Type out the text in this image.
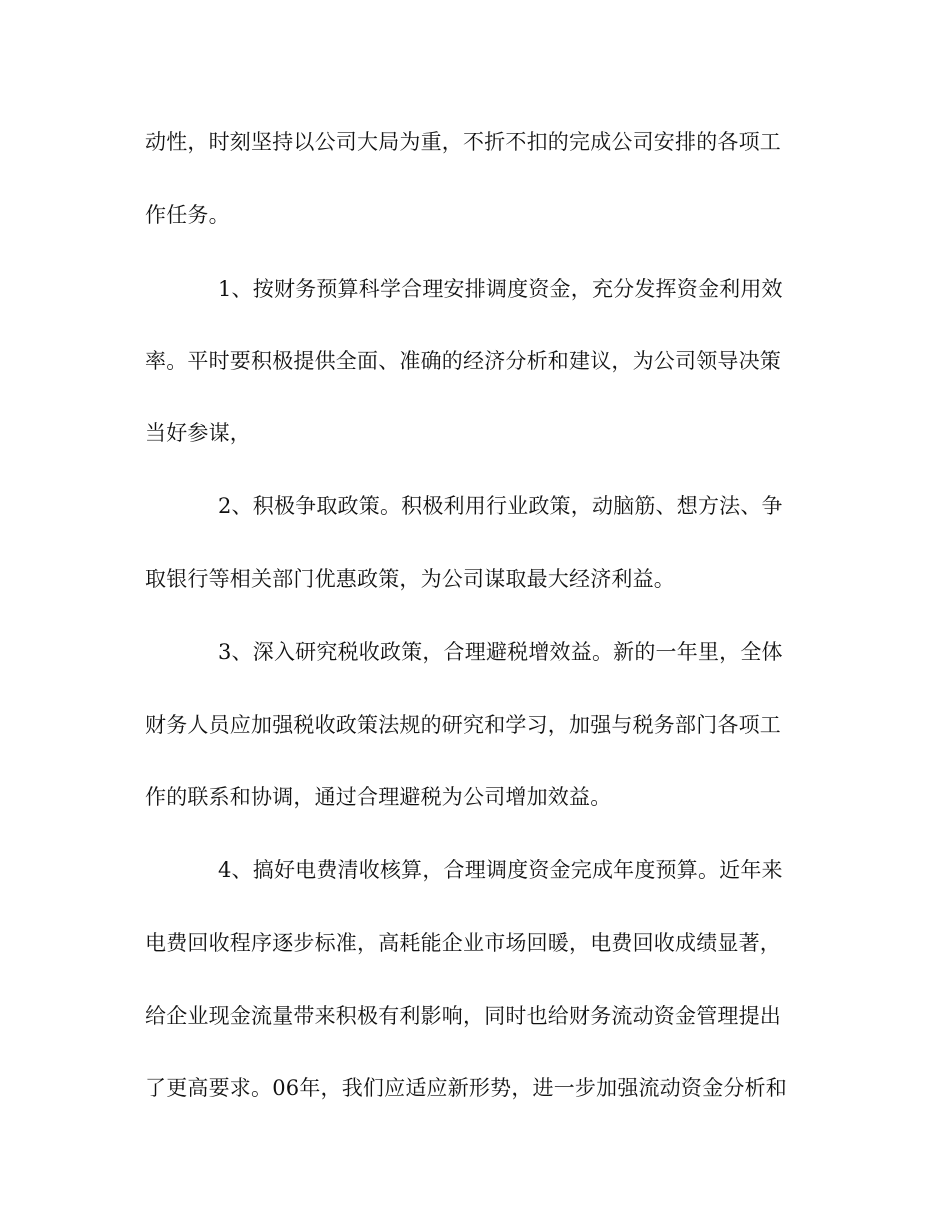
动性，时刻坚持以公司大局为重，不折不扣的完成公司安排的各项工
作任务。
1、按财务预算科学合理安排调度资金，充分发挥资金利用效
率。平时要积极提供全面、准确的经济分析和建议，为公司领导决策
当好参谋，
2、积极争取政策。积极利用行业政策，动脑筋、想方法、争
取银行等相关部门优惠政策，为公司谋取最大经济利益。
3、深入研究税收政策，合理避税增效益。新的一年里，全体
财务人员应加强税收政策法规的研究和学习，加强与税务部门各项工
作的联系和协调，通过合理避税为公司增加效益。
4、搞好电费清收核算，合理调度资金完成年度预算。近年来
电费回收程序逐步标准，高耗能企业市场回暖，电费回收成绩显著，
给企业现金流量带来积极有利影响，同时也给财务流动资金管理提出
了更高要求。06年，我们应适应新形势，进一步加强流动资金分析和
